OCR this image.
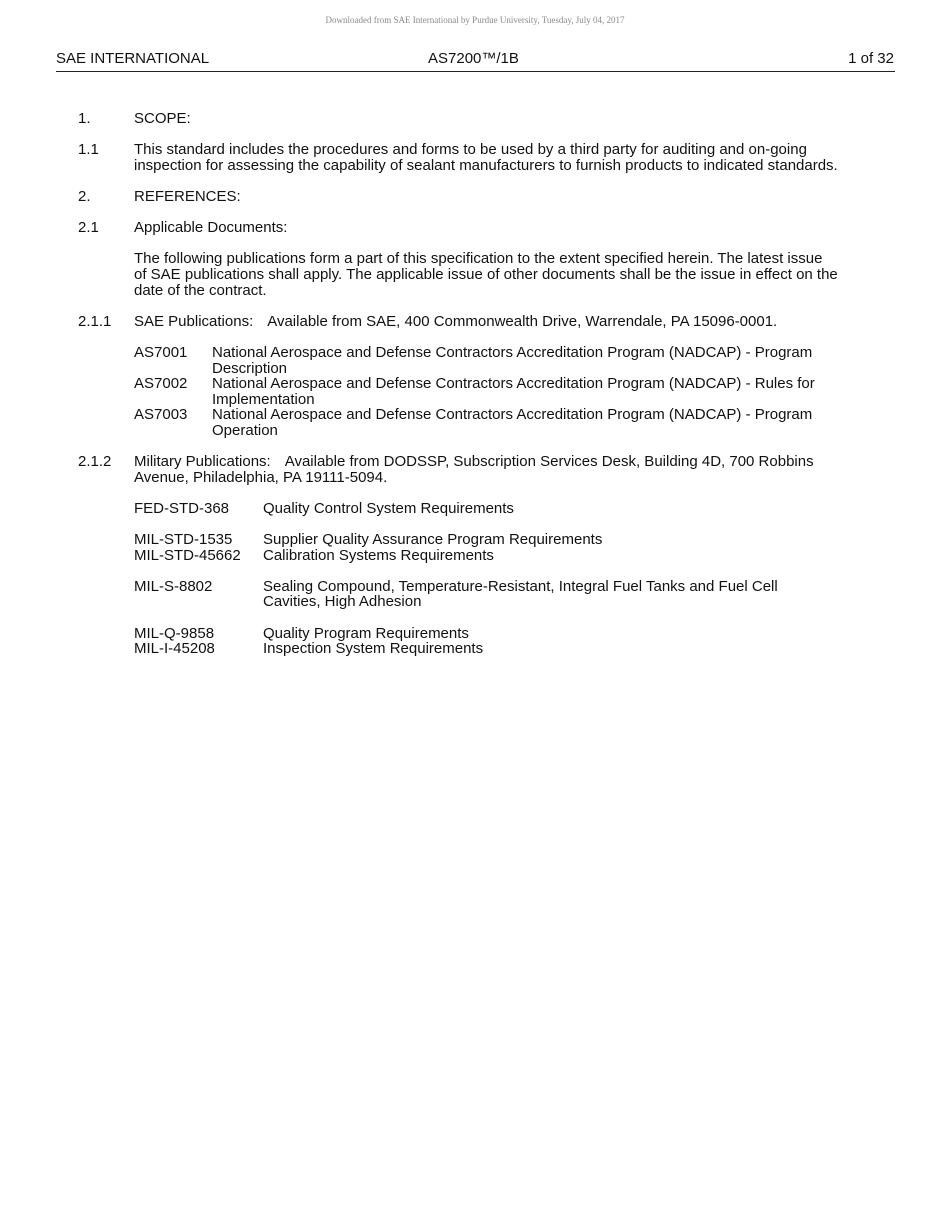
Downloaded from SAE International by Purdue University, Tuesday, July 04, 2017
SAE INTERNATIONAL	AS7200™/1B	1 of 32
1.	SCOPE:
1.1	This standard includes the procedures and forms to be used by a third party for auditing and on-going inspection for assessing the capability of sealant manufacturers to furnish products to indicated standards.
2.	REFERENCES:
2.1	Applicable Documents:
The following publications form a part of this specification to the extent specified herein. The latest issue of SAE publications shall apply. The applicable issue of other documents shall be the issue in effect on the date of the contract.
2.1.1	SAE Publications: Available from SAE, 400 Commonwealth Drive, Warrendale, PA 15096-0001.
AS7001	National Aerospace and Defense Contractors Accreditation Program (NADCAP) - Program Description
AS7002	National Aerospace and Defense Contractors Accreditation Program (NADCAP) - Rules for Implementation
AS7003	National Aerospace and Defense Contractors Accreditation Program (NADCAP) - Program Operation
2.1.2	Military Publications: Available from DODSSP, Subscription Services Desk, Building 4D, 700 Robbins Avenue, Philadelphia, PA 19111-5094.
FED-STD-368	Quality Control System Requirements
MIL-STD-1535	Supplier Quality Assurance Program Requirements
MIL-STD-45662	Calibration Systems Requirements
MIL-S-8802	Sealing Compound, Temperature-Resistant, Integral Fuel Tanks and Fuel Cell Cavities, High Adhesion
MIL-Q-9858	Quality Program Requirements
MIL-I-45208	Inspection System Requirements
